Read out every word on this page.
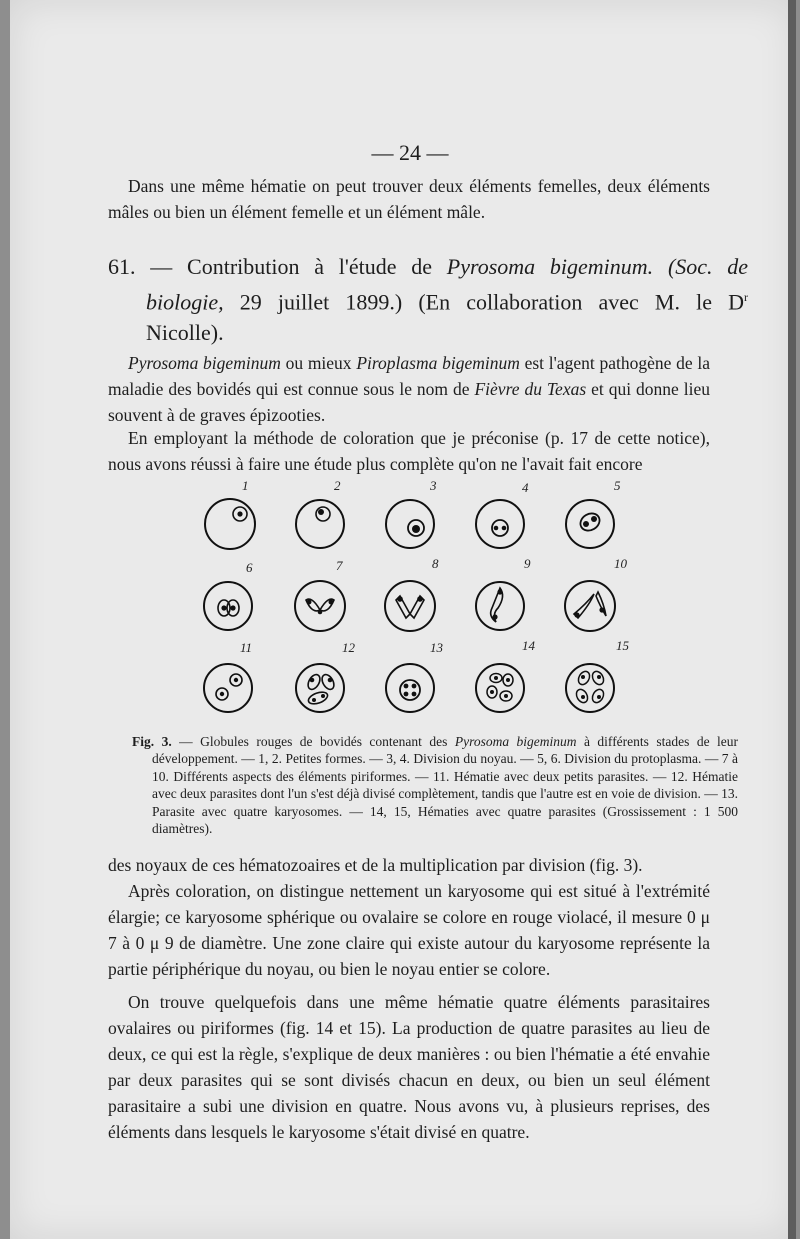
— 24 —
Dans une même hématie on peut trouver deux éléments femelles, deux éléments mâles ou bien un élément femelle et un élément mâle.
61. — Contribution à l'étude de Pyrosoma bigeminum. (Soc. de biologie, 29 juillet 1899.) (En collaboration avec M. le $D^r$ Nicolle).

Pyrosoma bigeminum ou mieux Piroplasma bigeminum est l'agent pathogène de la maladie des bovidés qui est connue sous le nom de Fièvre du Texas et qui donne lieu souvent à de graves épizooties.

En employant la méthode de coloration que je préconise (p. 17 de cette notice), nous avons réussi à faire une étude plus complète qu'on ne l'avait fait encore

1	2	3	4	5
6	7	8	9	10
11	12	13	14	15
Fig. 3. — Globules rouges de bovidés contenant des Pyrosoma bigeminum à différents stades de leur développement. — 1, 2. Petites formes. — 3, 4. Division du noyau. — 5, 6. Division du protoplasma. — 7 à 10. Différents aspects des éléments piriformes. — 11. Hématie avec deux petits parasites. — 12. Hématie avec deux parasites dont l'un s'est déjà divisé complètement, tandis que l'autre est en voie de division. — 13. Parasite avec quatre karyosomes. — 14, 15, Hématies avec quatre parasites (Grossissement : 1 500 diamètres).

des noyaux de ces hématozoaires et de la multiplication par division (fig. 3).

Après coloration, on distingue nettement un karyosome qui est situé à l'extrémité élargie; ce karyosome sphérique ou ovalaire se colore en rouge violacé, il mesure 0 μ 7 à 0 μ 9 de diamètre. Une zone claire qui existe autour du karyosome représente la partie périphérique du noyau, ou bien le noyau entier se colore.

On trouve quelquefois dans une même hématie quatre éléments parasitaires ovalaires ou piriformes (fig. 14 et 15). La production de quatre parasites au lieu de deux, ce qui est la règle, s'explique de deux manières : ou bien l'hématie a été envahie par deux parasites qui se sont divisés chacun en deux, ou bien un seul élément parasitaire a subi une division en quatre. Nous avons vu, à plusieurs reprises, des éléments dans lesquels le karyosome s'était divisé en quatre.
